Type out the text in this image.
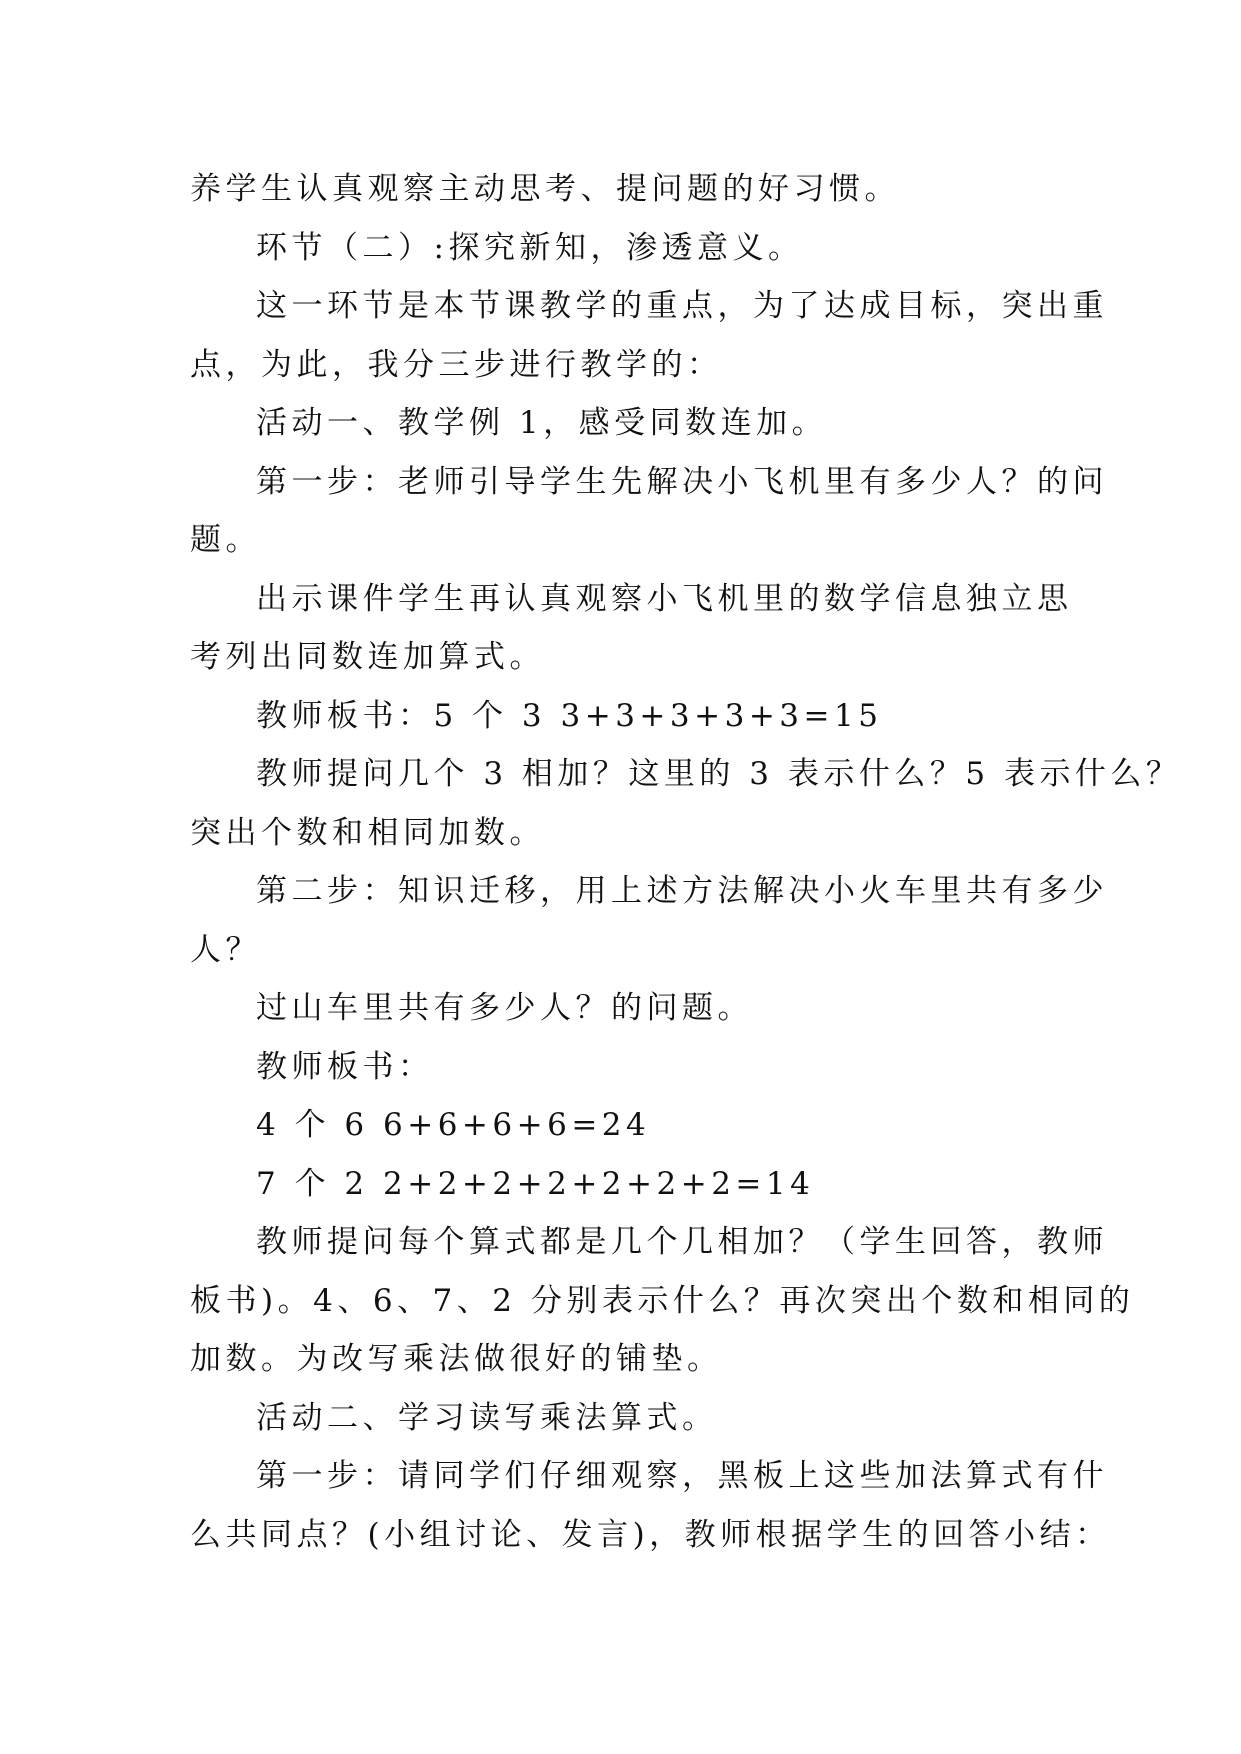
养学生认真观察主动思考、提问题的好习惯。
环节（二）:探究新知，渗透意义。
这一环节是本节课教学的重点，为了达成目标，突出重
点，为此，我分三步进行教学的：
活动一、教学例 1，感受同数连加。
第一步：老师引导学生先解决小飞机里有多少人？的问
题。
出示课件学生再认真观察小飞机里的数学信息独立思
考列出同数连加算式。
教师板书：5 个 3 3+3+3+3+3=15
教师提问几个 3 相加？这里的 3 表示什么？5 表示什么？
突出个数和相同加数。
第二步：知识迁移，用上述方法解决小火车里共有多少
人？
过山车里共有多少人？的问题。
教师板书：
4 个 6 6+6+6+6=24
7 个 2 2+2+2+2+2+2+2=14
教师提问每个算式都是几个几相加？（学生回答，教师
板书)。4、6、7、2 分别表示什么？再次突出个数和相同的
加数。为改写乘法做很好的铺垫。
活动二、学习读写乘法算式。
第一步：请同学们仔细观察，黑板上这些加法算式有什
么共同点？(小组讨论、发言)，教师根据学生的回答小结：
